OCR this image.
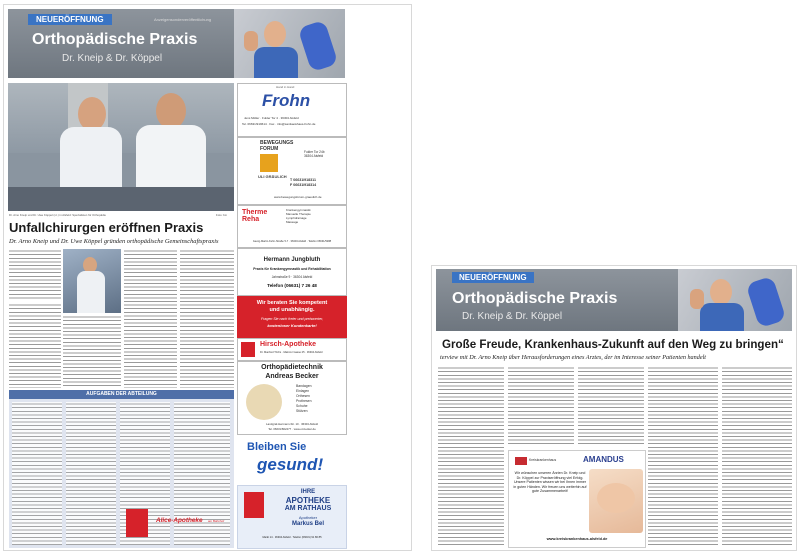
NEUERÖFFNUNG	Anzeigensonderveröffentlichung
Orthopädische Praxis
Dr. Kneip & Dr. Köppel
Dr. Arno Kneip und Dr. Uwe Köppel (v.l.) in Alsfeld: Spezialisten für Orthopädie	Foto: bm
Unfallchirurgen eröffnen Praxis
Dr. Arno Kneip und Dr. Uwe Köppel gründen orthopädische Gemeinschaftspraxis
AUFGABEN DER ABTEILUNG
Hand in Hand
Frohn
Jens Müller · Fulder Tor 4 · 36304 Alsfeld
Tel. 06631/919614 · Fax · info@sanitaetshaus-frohn.de
BEWEGUNGS FORUM
ULI GRÄULICH
Fulder Tor 24b
36304 Alsfeld
T 06631/918311
F 06631/918314
www.bewegungsforum-graeulich.de
Therme Reha
Krankengymnastik
Manuelle Therapie
Lymphdrainage
Massage
Georg-Martin-Kuhn-Straße 5-7 · 36304 Alsfeld · Telefon 06631/5288
Hermann Jungbluth
Praxis für Krankengymnastik und Rehabilitation
Jahnstraße 9 · 36304 Alsfeld
Telefon (06631) 7 26 48
Wir beraten Sie kompetent
und unabhängig.
Fragen Sie nach freier und preiswerter,
kostenloser Kundenkarte!
Hirsch-Apotheke
Dr. Manfred Trichs · Mainzer Gasse 25 · 36304 Alsfeld
Orthopädietechnik
Andreas Becker
Bandagen
Einlagen
Orthesen
Prothesen
Schuhe
Stützen
Landgraf-Hermann-Str. 10 · 36304 Alsfeld
Tel. 06631/802477 · www.ot-becker.de
Alice-Apotheke am Bahnhof
Bleiben Sie
gesund!
IHRE
APOTHEKE
AM RATHAUS
Apotheker
Markus Bel
Markt 14 · 36304 Alsfeld · Telefon (06631) 91 80 85
NEUERÖFFNUNG
Orthopädische Praxis
Dr. Kneip & Dr. Köppel
Große Freude, Krankenhaus-Zukunft auf den Weg zu bringen“
terview mit Dr. Arno Kneip über Herausforderungen eines Arztes, der im Interesse seiner Patienten handelt
Kreiskrankenhaus	AMANDUS
Wir wünschen unseren Ärzten Dr. Kneip und Dr. Köppel zur Praxiseröffnung viel Erfolg. Unsere Patienten wissen wir bei Ihnen immer in guten Händen. Wir freuen uns weiterhin auf gute Zusammenarbeit!
www.kreiskrankenhaus-alsfeld.de
